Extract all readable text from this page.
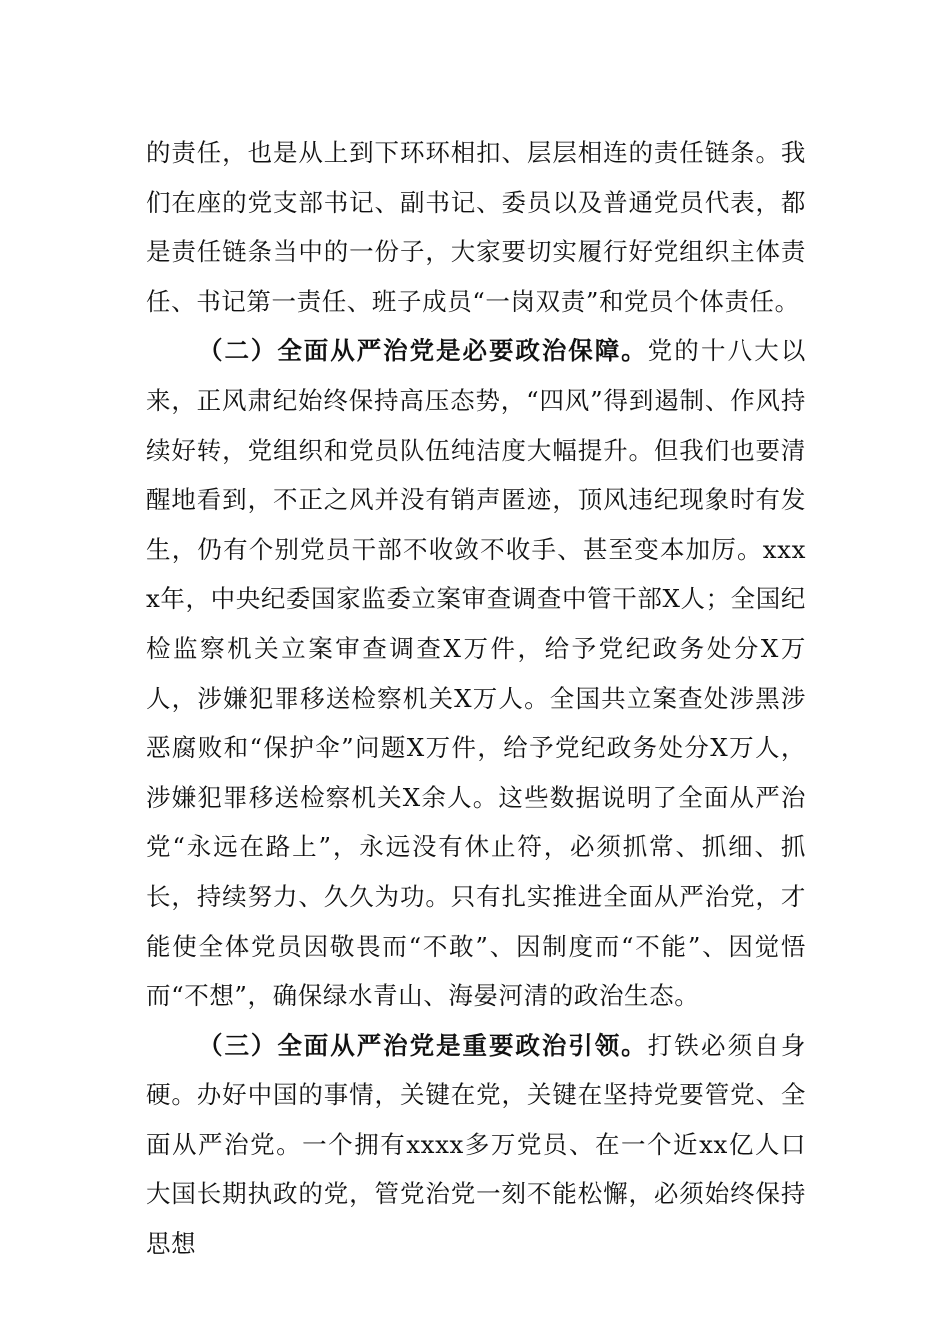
的责任，也是从上到下环环相扣、层层相连的责任链条。我们在座的党支部书记、副书记、委员以及普通党员代表，都是责任链条当中的一份子，大家要切实履行好党组织主体责任、书记第一责任、班子成员“一岗双责”和党员个体责任。

（二）全面从严治党是必要政治保障。党的十八大以来，正风肃纪始终保持高压态势，“四风”得到遏制、作风持续好转，党组织和党员队伍纯洁度大幅提升。但我们也要清醒地看到，不正之风并没有销声匿迹，顶风违纪现象时有发生，仍有个别党员干部不收敛不收手、甚至变本加厉。xxxx年，中央纪委国家监委立案审查调查中管干部X人；全国纪检监察机关立案审查调查X万件，给予党纪政务处分X万人，涉嫌犯罪移送检察机关X万人。全国共立案查处涉黑涉恶腐败和“保护伞”问题X万件，给予党纪政务处分X万人，涉嫌犯罪移送检察机关X余人。这些数据说明了全面从严治党“永远在路上”，永远没有休止符，必须抓常、抓细、抓长，持续努力、久久为功。只有扎实推进全面从严治党，才能使全体党员因敬畏而“不敢”、因制度而“不能”、因觉悟而“不想”，确保绿水青山、海晏河清的政治生态。

（三）全面从严治党是重要政治引领。打铁必须自身硬。办好中国的事情，关键在党，关键在坚持党要管党、全面从严治党。一个拥有xxxx多万党员、在一个近xx亿人口大国长期执政的党，管党治党一刻不能松懈，必须始终保持思想
